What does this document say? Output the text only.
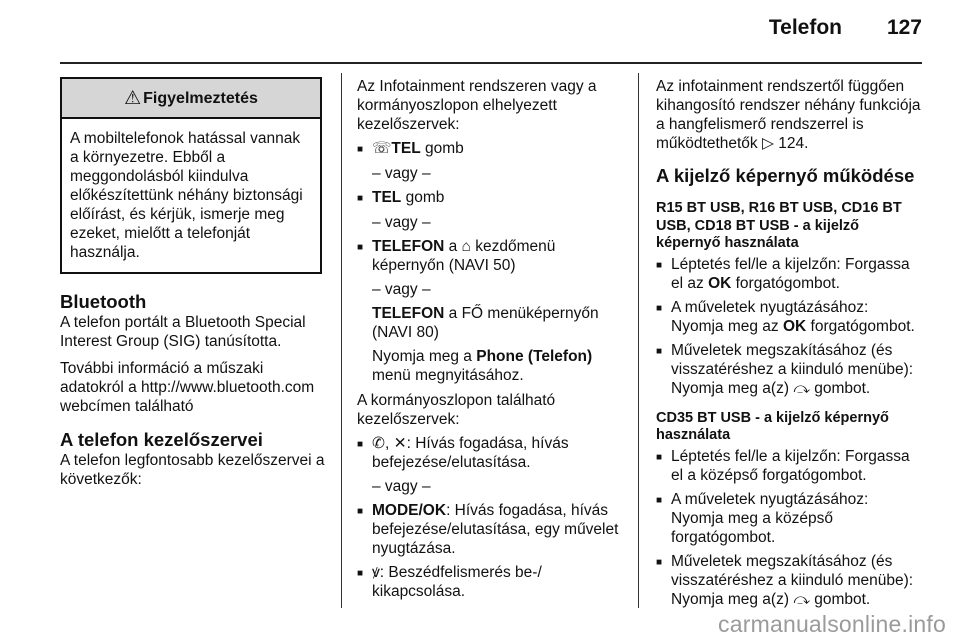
Telefon 127
⚠ Figyelmeztetés

A mobiltelefonok hatással vannak a környezetre. Ebből a meggondolásból kiindulva előkészítettünk néhány biztonsági előírást, és kérjük, ismerje meg ezeket, mielőtt a telefonját használja.

Bluetooth

A telefon portált a Bluetooth Special Interest Group (SIG) tanúsította.

További információ a műszaki adatokról a http://www.bluetooth.com webcímen található

A telefon kezelőszervei

A telefon legfontosabb kezelőszervei a következők:

Az Infotainment rendszeren vagy a kormányoszlopon elhelyezett kezelőszervek:

■ ☏TEL gomb

– vagy –

■ TEL gomb

– vagy –

■ TELEFON a ⌂ kezdőmenü képernyőn (NAVI 50)

– vagy –

TELEFON a FŐ menüképernyőn (NAVI 80)

Nyomja meg a Phone (Telefon) menü megnyitásához.

A kormányoszlopon található kezelőszervek:

■ ✆, ✕: Hívás fogadása, hívás befejezése/elutasítása.

– vagy –

■ MODE/OK: Hívás fogadása, hívás befejezése/elutasítása, egy művelet nyugtázása.
■ ꝟ: Beszédfelismerés be-/ kikapcsolása.

Az infotainment rendszertől függően kihangosító rendszer néhány funkciója a hangfelismerő rendszerrel is működtethetők ▷ 124.

A kijelző képernyő működése
R15 BT USB, R16 BT USB, CD16 BT USB, CD18 BT USB - a kijelző képernyő használata
■ Léptetés fel/le a kijelzőn: Forgassa el az OK forgatógombot.
■ A műveletek nyugtázásához: Nyomja meg az OK forgatógombot.
■ Műveletek megszakításához (és visszatéréshez a kiinduló menübe): Nyomja meg a(z) ⤼ gombot.
CD35 BT USB - a kijelző képernyő használata
■ Léptetés fel/le a kijelzőn: Forgassa el a középső forgatógombot.
■ A műveletek nyugtázásához: Nyomja meg a középső forgatógombot.
■ Műveletek megszakításához (és visszatéréshez a kiinduló menübe): Nyomja meg a(z) ⤼ gombot.
carmanualsonline.info
